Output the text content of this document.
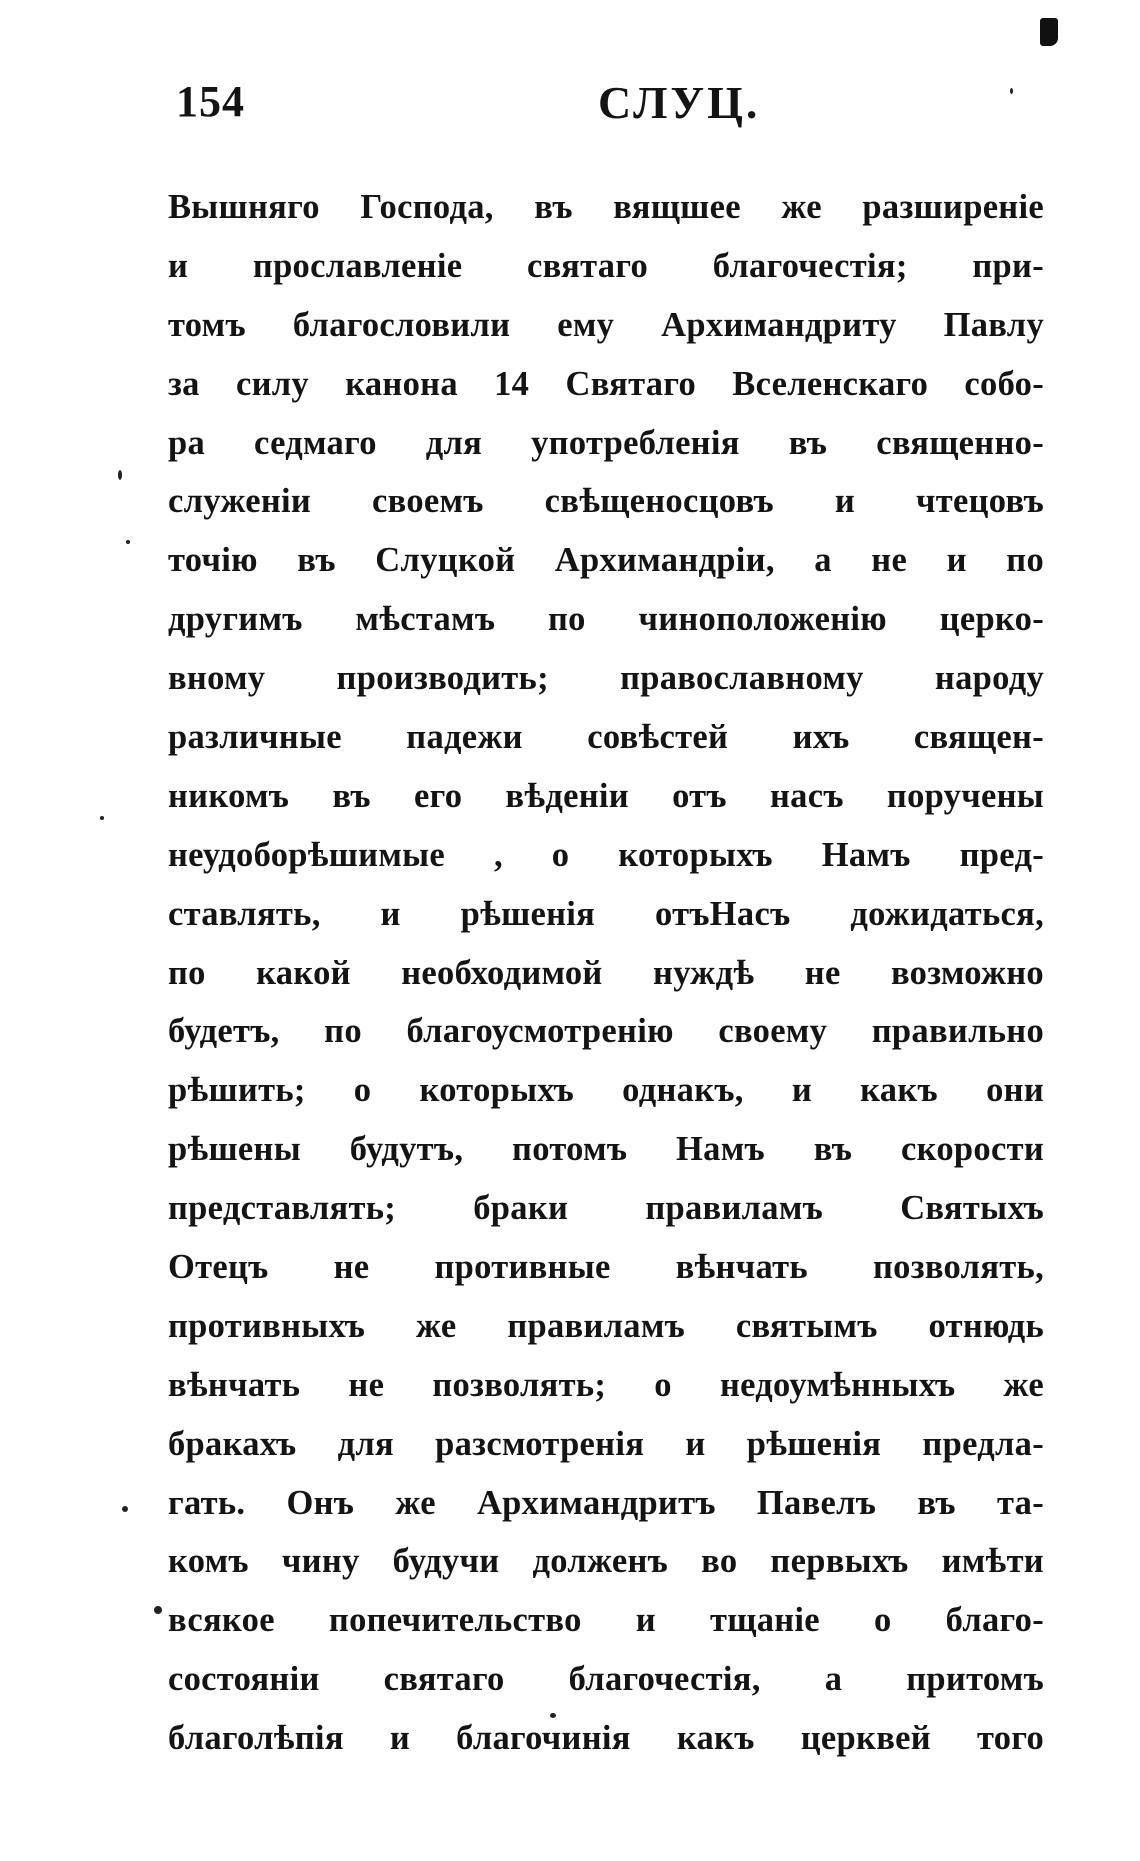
154	СЛУЦ.
Вышняго Господа, въ вящшее же разширеніе
и прославленіе святаго благочестія; при-
томъ благословили ему Архимандриту Павлу
за силу канона 14 Святаго Вселенскаго собо-
ра седмаго для употребленія въ священно-
служеніи своемъ свѣщеносцовъ и чтецовъ
точію въ Слуцкой Архимандріи, а не и по
другимъ мѣстамъ по чиноположенію церко-
вному производить; православному народу
различные падежи совѣстей ихъ священ-
никомъ въ его вѣденіи отъ насъ поручены
неудоборѣшимые , о которыхъ Намъ пред-
ставлять, и рѣшенія отъНасъ дожидаться,
по какой необходимой нуждѣ не возможно
будетъ, по благоусмотренію своему правильно
рѣшить; о которыхъ однакъ, и какъ они
рѣшены будутъ, потомъ Намъ въ скорости
представлять; браки правиламъ Святыхъ
Отецъ не противные вѣнчать позволять,
противныхъ же правиламъ святымъ отнюдь
вѣнчать не позволять; о недоумѣнныхъ же
бракахъ для разсмотренія и рѣшенія предла-
гать. Онъ же Архимандритъ Павелъ въ та-
комъ чину будучи долженъ во первыхъ имѣти
всякое попечительство и тщаніе о благо-
состояніи святаго благочестія, а притомъ
благолѣпія и благочинія какъ церквей того
